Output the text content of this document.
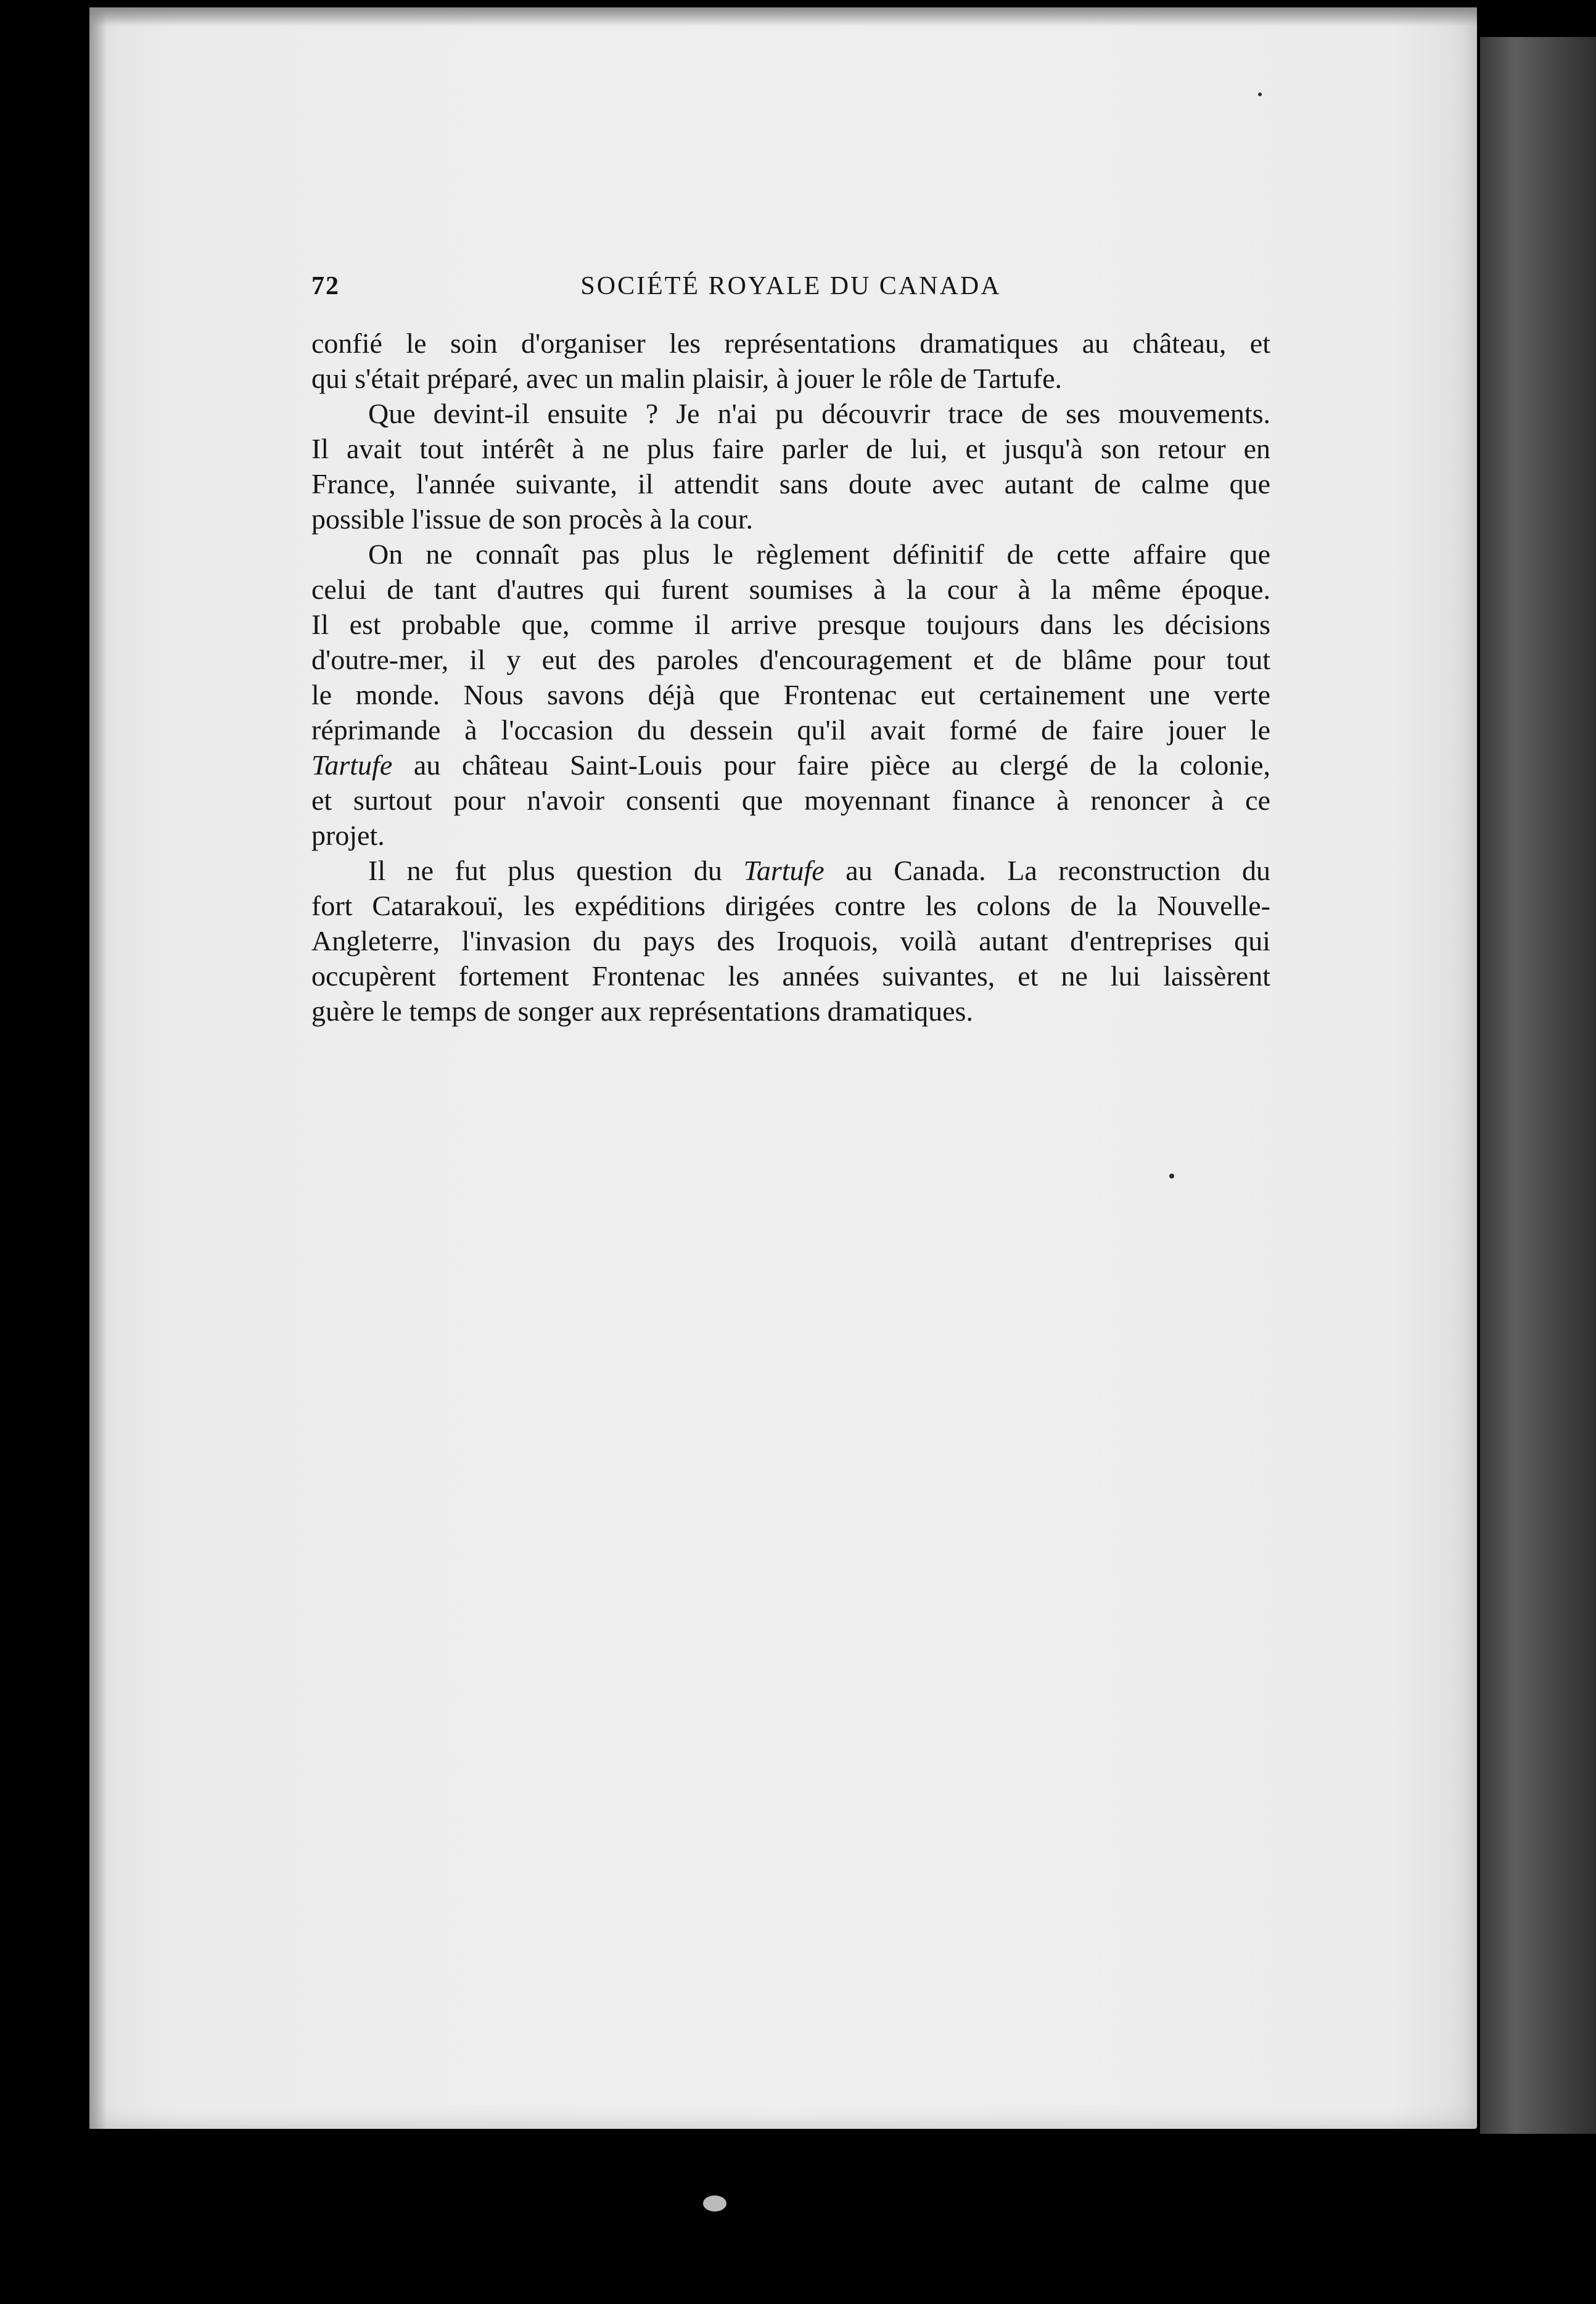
72	SOCIÉTÉ ROYALE DU CANADA

confié le soin d'organiser les représentations dramatiques au château, et
qui s'était préparé, avec un malin plaisir, à jouer le rôle de Tartufe.

Que devint-il ensuite ? Je n'ai pu découvrir trace de ses mouvements.
Il avait tout intérêt à ne plus faire parler de lui, et jusqu'à son retour en
France, l'année suivante, il attendit sans doute avec autant de calme que
possible l'issue de son procès à la cour.

On ne connaît pas plus le règlement définitif de cette affaire que
celui de tant d'autres qui furent soumises à la cour à la même époque.
Il est probable que, comme il arrive presque toujours dans les décisions
d'outre-mer, il y eut des paroles d'encouragement et de blâme pour tout
le monde. Nous savons déjà que Frontenac eut certainement une verte
réprimande à l'occasion du dessein qu'il avait formé de faire jouer le
Tartufe au château Saint-Louis pour faire pièce au clergé de la colonie,
et surtout pour n'avoir consenti que moyennant finance à renoncer à ce
projet.

Il ne fut plus question du Tartufe au Canada. La reconstruction du
fort Catarakouï, les expéditions dirigées contre les colons de la Nouvelle-
Angleterre, l'invasion du pays des Iroquois, voilà autant d'entreprises qui
occupèrent fortement Frontenac les années suivantes, et ne lui laissèrent
guère le temps de songer aux représentations dramatiques.
